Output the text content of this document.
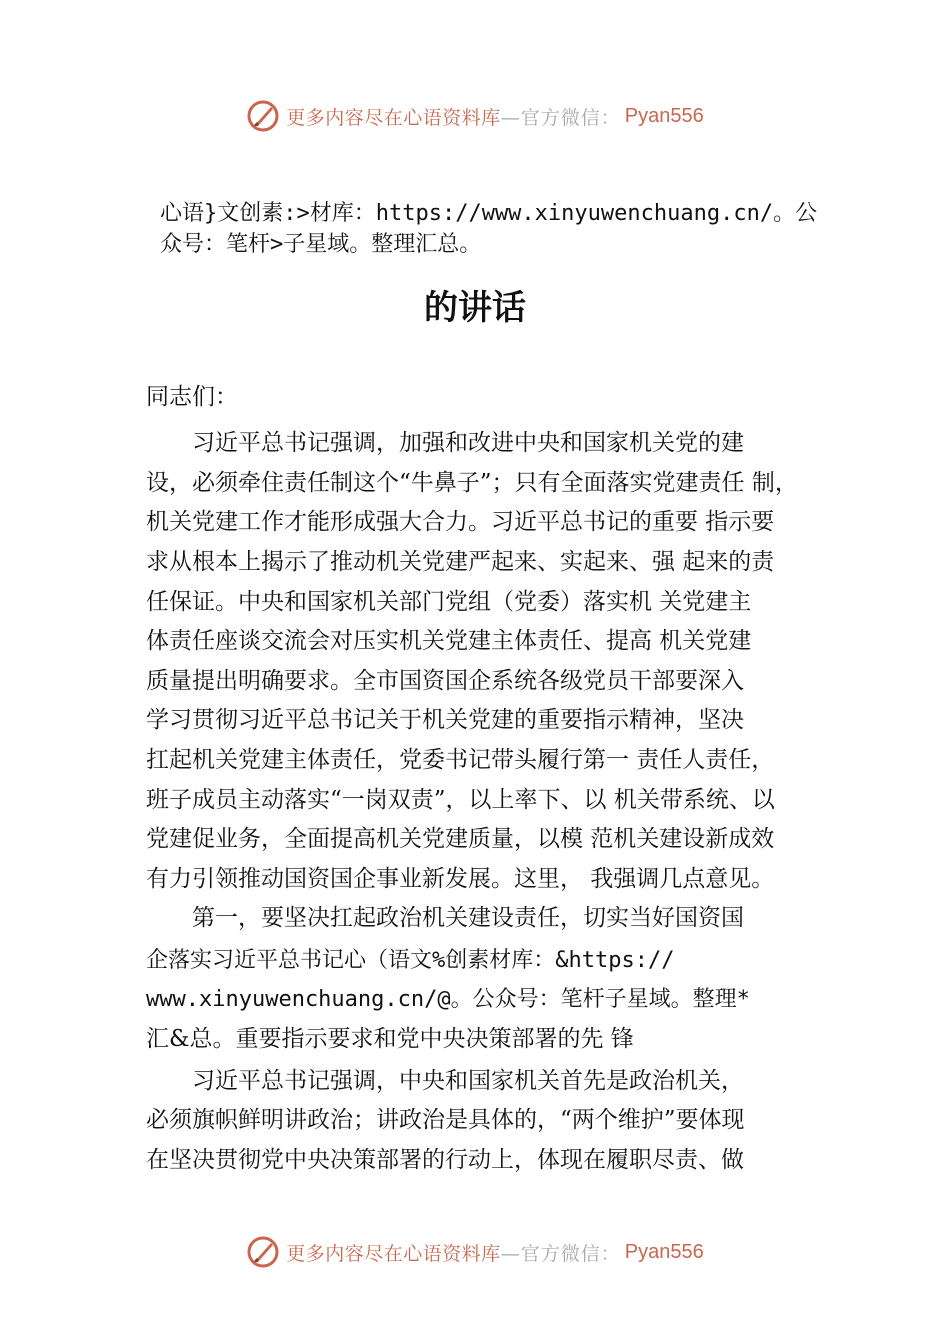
更多内容尽在心语资料库 —官方微信： Pyan556
心语}文创素:>材库：https://www.xinyuwenchuang.cn/。公
众号：笔杆>子星域。整理汇总。
的讲话
同志们：
　　习近平总书记强调，加强和改进中央和国家机关党的建
设，必须牵住责任制这个“牛鼻子”；只有全面落实党建责任 制，
机关党建工作才能形成强大合力。习近平总书记的重要 指示要
求从根本上揭示了推动机关党建严起来、实起来、强 起来的责
任保证。中央和国家机关部门党组（党委）落实机 关党建主
体责任座谈交流会对压实机关党建主体责任、提高 机关党建
质量提出明确要求。全市国资国企系统各级党员干部要深入
学习贯彻习近平总书记关于机关党建的重要指示精神，坚决
扛起机关党建主体责任，党委书记带头履行第一 责任人责任，
班子成员主动落实“一岗双责”，以上率下、以 机关带系统、以
党建促业务，全面提高机关党建质量，以模 范机关建设新成效
有力引领推动国资国企事业新发展。这里， 我强调几点意见。
　　第一，要坚决扛起政治机关建设责任，切实当好国资国
企落实习近平总书记心（语文%创素材库：&https://
www.xinyuwenchuang.cn/@。公众号：笔杆子星域。整理*
汇&总。重要指示要求和党中央决策部署的先 锋
　　习近平总书记强调，中央和国家机关首先是政治机关，
必须旗帜鲜明讲政治；讲政治是具体的，“两个维护”要体现
在坚决贯彻党中央决策部署的行动上，体现在履职尽责、做
更多内容尽在心语资料库 —官方微信： Pyan556
